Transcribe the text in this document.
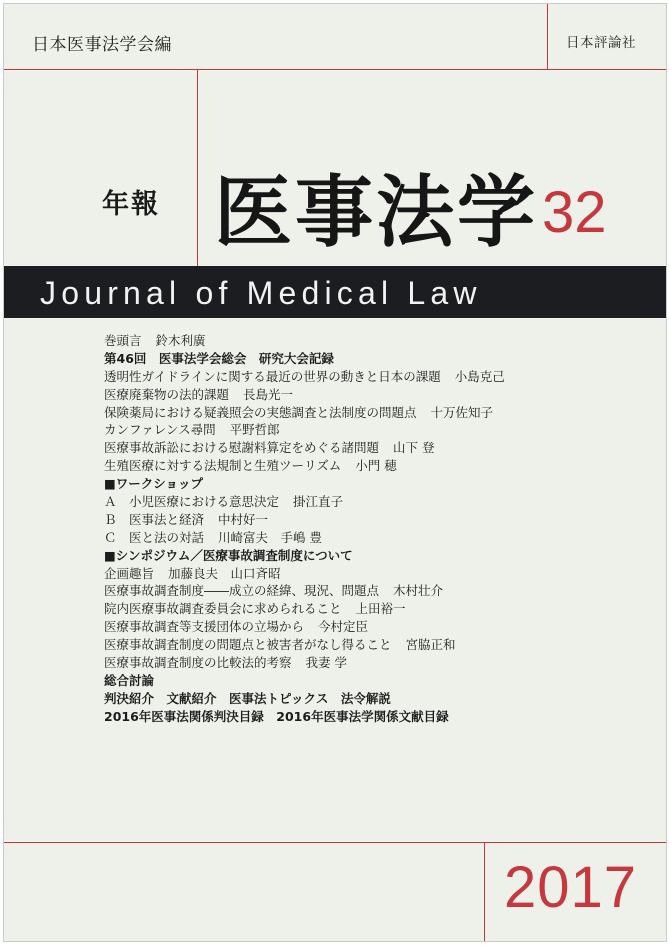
日本医事法学会編	日本評論社
年報 医事法学 32
Journal of Medical Law
巻頭言 鈴木利廣
第46回　医事法学会総会　研究大会記録
透明性ガイドラインに関する最近の世界の動きと日本の課題 小島克己
医療廃棄物の法的課題 長島光一
保険薬局における疑義照会の実態調査と法制度の問題点 十万佐知子
カンファレンス尋問 平野哲郎
医療事故訴訟における慰謝料算定をめぐる諸問題 山下 登
生殖医療に対する法規制と生殖ツーリズム 小門 穂
■ワークショップ
Ａ　小児医療における意思決定 掛江直子
Ｂ　医事法と経済 中村好一
Ｃ　医と法の対話 川崎富夫　手嶋 豊
■シンポジウム／医療事故調査制度について
企画趣旨 加藤良夫　山口斉昭
医療事故調査制度――成立の経緯、現況、問題点 木村壮介
院内医療事故調査委員会に求められること 上田裕一
医療事故調査等支援団体の立場から 今村定臣
医療事故調査制度の問題点と被害者がなし得ること 宮脇正和
医療事故調査制度の比較法的考察 我妻 学
総合討論
判決紹介　文献紹介　医事法トピックス　法令解説
2016年医事法関係判決目録　2016年医事法学関係文献目録
2017
